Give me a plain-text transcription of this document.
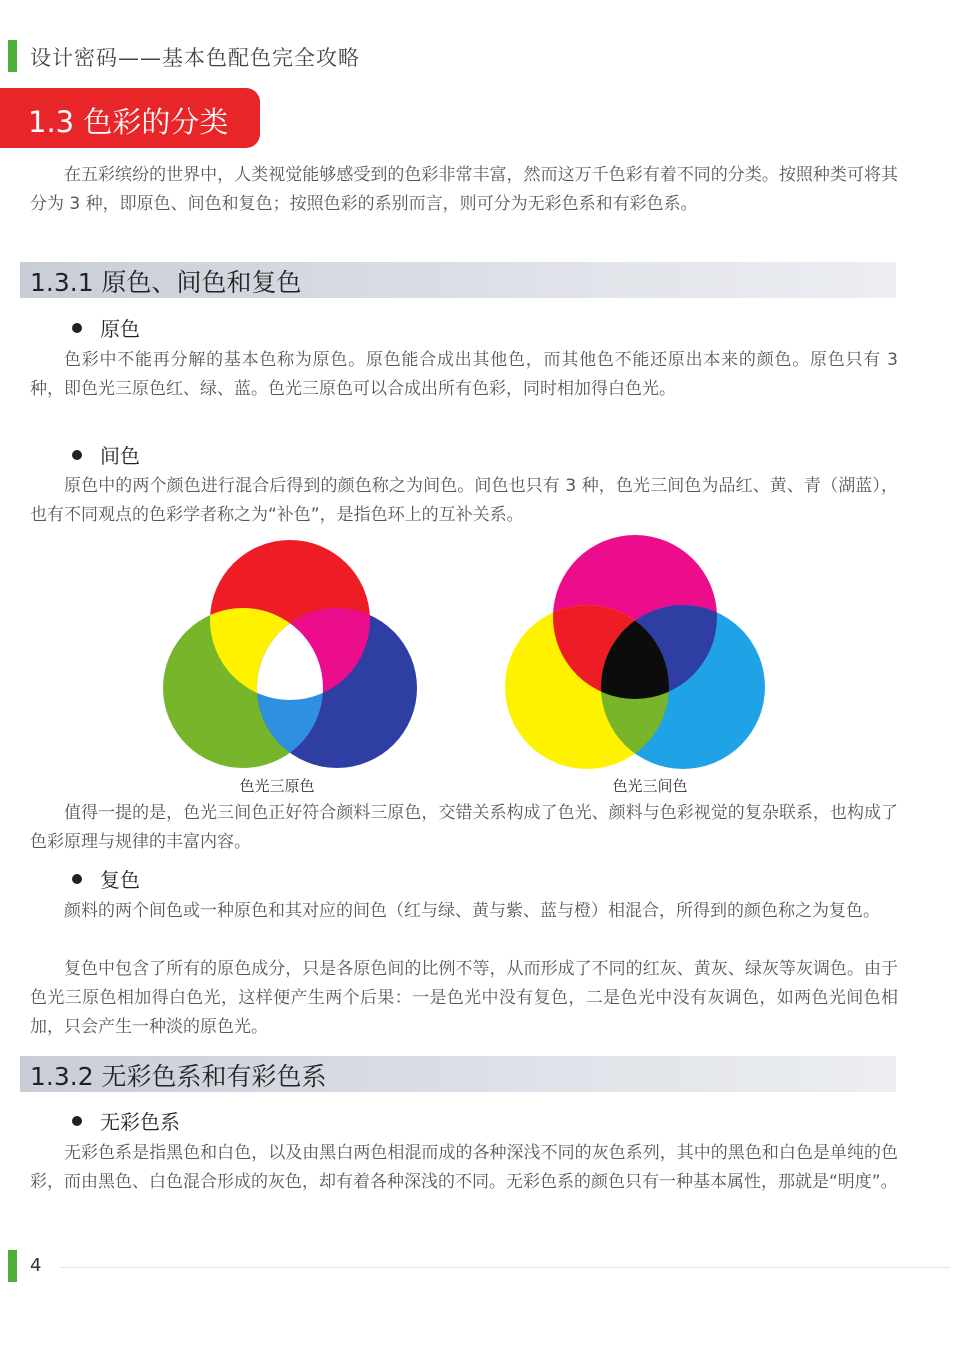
设计密码——基本色配色完全攻略
1.3 色彩的分类
在五彩缤纷的世界中，人类视觉能够感受到的色彩非常丰富，然而这万千色彩有着不同的分类。按照种类可将其分为 3 种，即原色、间色和复色；按照色彩的系别而言，则可分为无彩色系和有彩色系。
1.3.1 原色、间色和复色
原色
色彩中不能再分解的基本色称为原色。原色能合成出其他色，而其他色不能还原出本来的颜色。原色只有 3 种，即色光三原色红、绿、蓝。色光三原色可以合成出所有色彩，同时相加得白色光。
间色
原色中的两个颜色进行混合后得到的颜色称之为间色。间色也只有 3 种，色光三间色为品红、黄、青（湖蓝），也有不同观点的色彩学者称之为“补色”，是指色环上的互补关系。
色光三原色	色光三间色
值得一提的是，色光三间色正好符合颜料三原色，交错关系构成了色光、颜料与色彩视觉的复杂联系，也构成了色彩原理与规律的丰富内容。
复色
颜料的两个间色或一种原色和其对应的间色（红与绿、黄与紫、蓝与橙）相混合，所得到的颜色称之为复色。
复色中包含了所有的原色成分，只是各原色间的比例不等，从而形成了不同的红灰、黄灰、绿灰等灰调色。由于色光三原色相加得白色光，这样便产生两个后果：一是色光中没有复色，二是色光中没有灰调色，如两色光间色相加，只会产生一种淡的原色光。
1.3.2 无彩色系和有彩色系
无彩色系
无彩色系是指黑色和白色，以及由黑白两色相混而成的各种深浅不同的灰色系列，其中的黑色和白色是单纯的色彩，而由黑色、白色混合形成的灰色，却有着各种深浅的不同。无彩色系的颜色只有一种基本属性，那就是“明度”。
4
